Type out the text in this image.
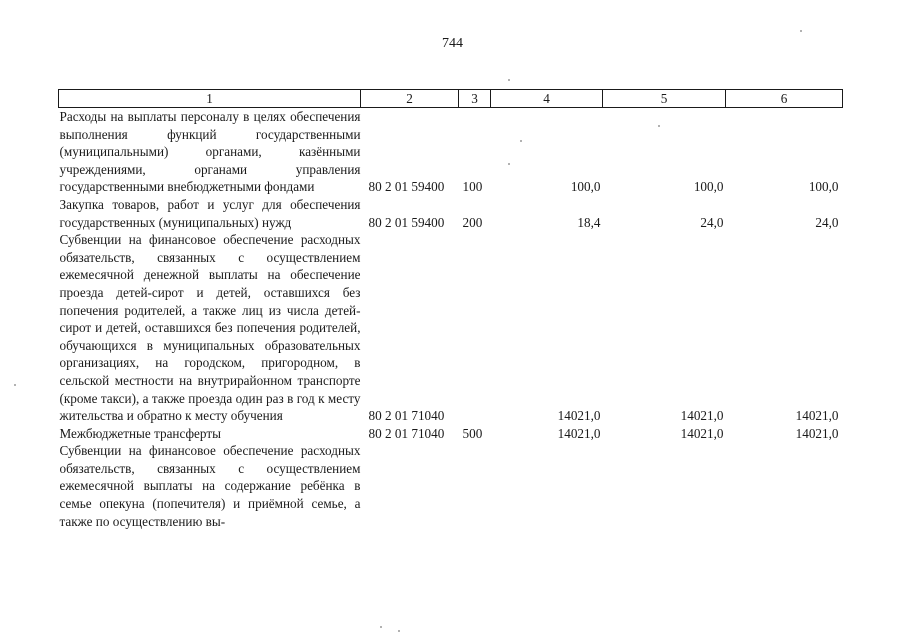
744
1	2	3	4	5	6
Расходы на выплаты персоналу в целях обеспечения выполнения функций государственными (муниципальными) органами, казёнными учреждениями, органами управления государственными внебюджетными фондами	80 2 01 59400	100	100,0	100,0	100,0
Закупка товаров, работ и услуг для обеспечения государственных (муниципальных) нужд	80 2 01 59400	200	18,4	24,0	24,0
Субвенции на финансовое обеспечение расходных обязательств, связанных с осуществлением ежемесячной денежной выплаты на обеспечение проезда детей-сирот и детей, оставшихся без попечения родителей, а также лиц из числа детей-сирот и детей, оставшихся без попечения родителей, обучающихся в муниципальных образовательных организациях, на городском, пригородном, в сельской местности на внутрирайонном транспорте (кроме такси), а также проезда один раз в год к месту жительства и обратно к месту обучения	80 2 01 71040		14021,0	14021,0	14021,0
Межбюджетные трансферты	80 2 01 71040	500	14021,0	14021,0	14021,0
Субвенции на финансовое обеспечение расходных обязательств, связанных с осуществлением ежемесячной выплаты на содержание ребёнка в семье опекуна (попечителя) и приёмной семье, а также по осуществлению вы-					
